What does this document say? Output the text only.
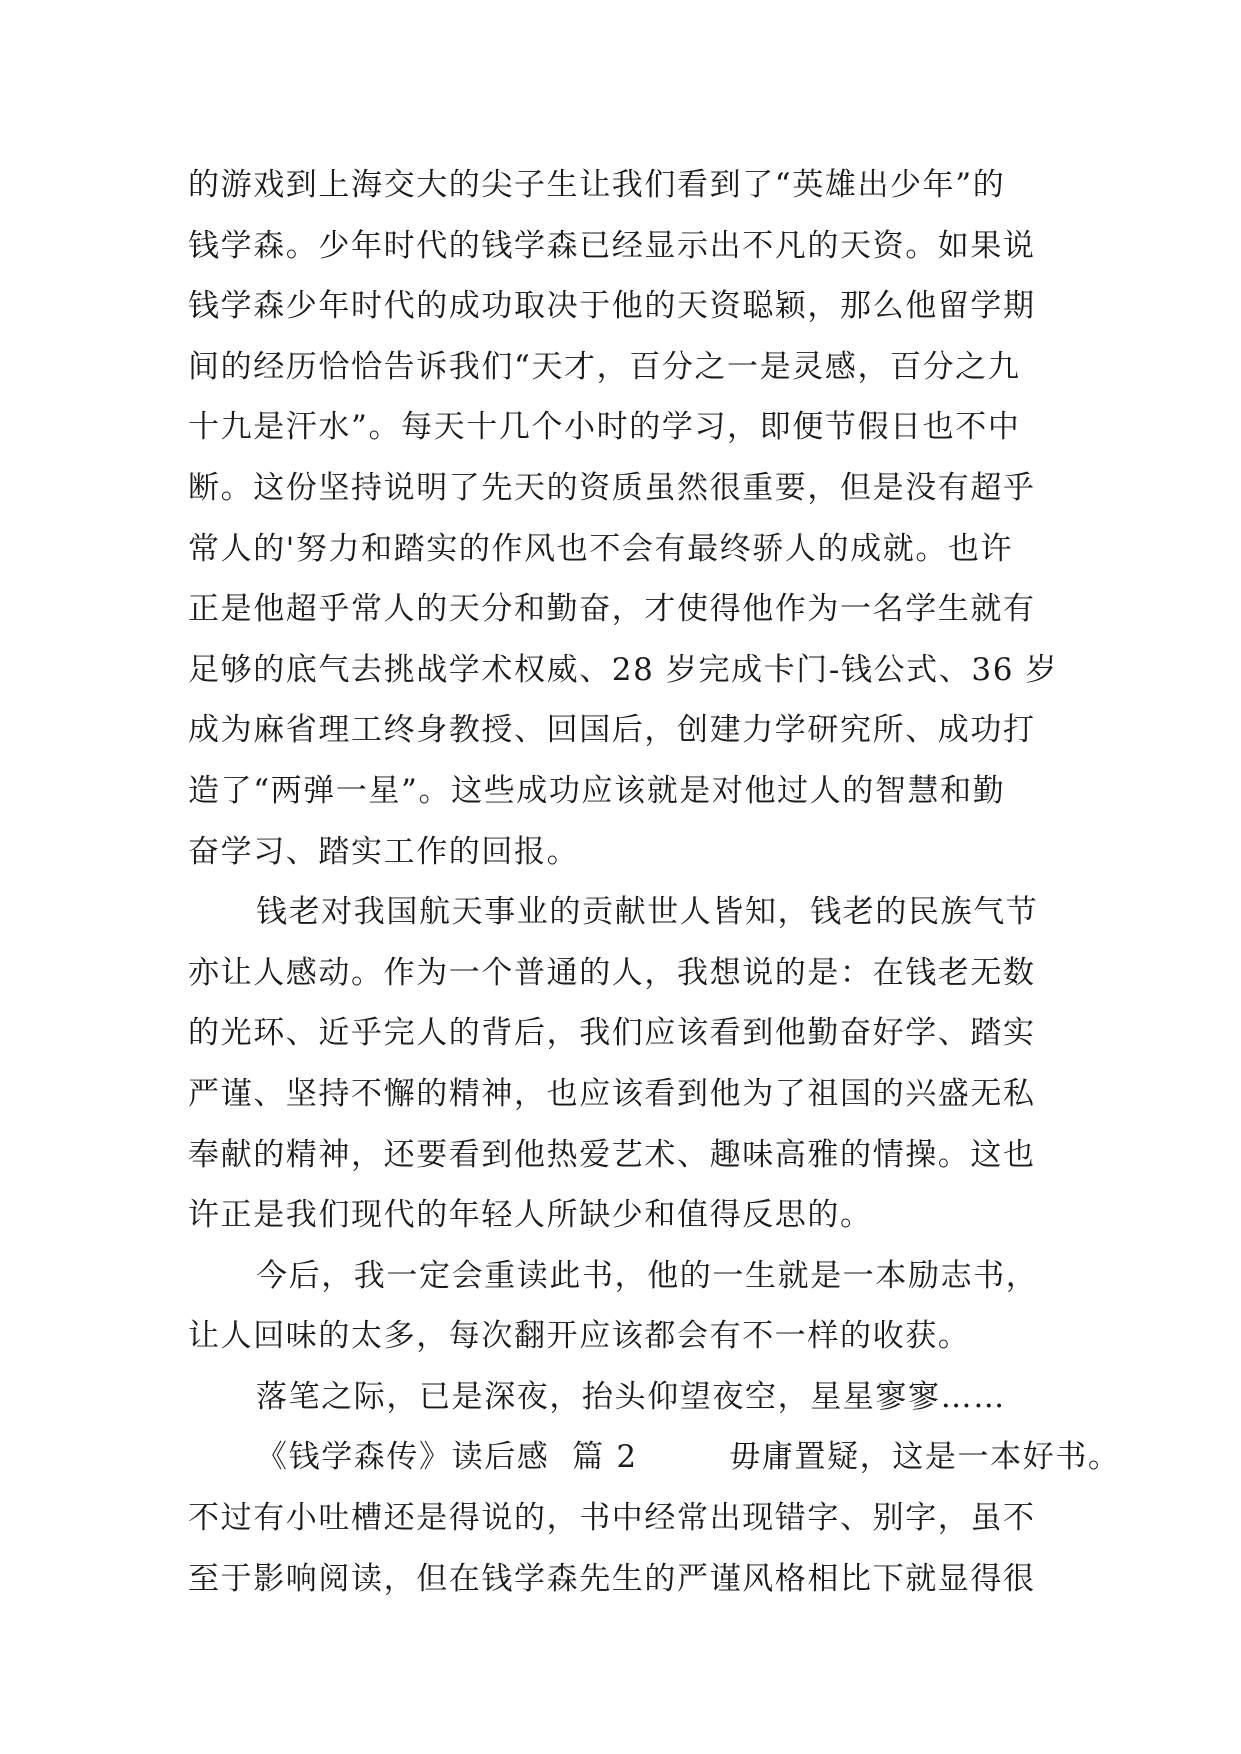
的游戏到上海交大的尖子生让我们看到了“英雄出少年”的
钱学森。少年时代的钱学森已经显示出不凡的天资。如果说
钱学森少年时代的成功取决于他的天资聪颖，那么他留学期
间的经历恰恰告诉我们“天才，百分之一是灵感，百分之九
十九是汗水”。每天十几个小时的学习，即便节假日也不中
断。这份坚持说明了先天的资质虽然很重要，但是没有超乎
常人的'努力和踏实的作风也不会有最终骄人的成就。也许
正是他超乎常人的天分和勤奋，才使得他作为一名学生就有
足够的底气去挑战学术权威、28 岁完成卡门-钱公式、36 岁
成为麻省理工终身教授、回国后，创建力学研究所、成功打
造了“两弹一星”。这些成功应该就是对他过人的智慧和勤
奋学习、踏实工作的回报。
钱老对我国航天事业的贡献世人皆知，钱老的民族气节
亦让人感动。作为一个普通的人，我想说的是：在钱老无数
的光环、近乎完人的背后，我们应该看到他勤奋好学、踏实
严谨、坚持不懈的精神，也应该看到他为了祖国的兴盛无私
奉献的精神，还要看到他热爱艺术、趣味高雅的情操。这也
许正是我们现代的年轻人所缺少和值得反思的。
今后，我一定会重读此书，他的一生就是一本励志书，
让人回味的太多，每次翻开应该都会有不一样的收获。
落笔之际，已是深夜，抬头仰望夜空，星星寥寥……
《钱学森传》读后感  篇 2        毋庸置疑，这是一本好书。
不过有小吐槽还是得说的，书中经常出现错字、别字，虽不
至于影响阅读，但在钱学森先生的严谨风格相比下就显得很
